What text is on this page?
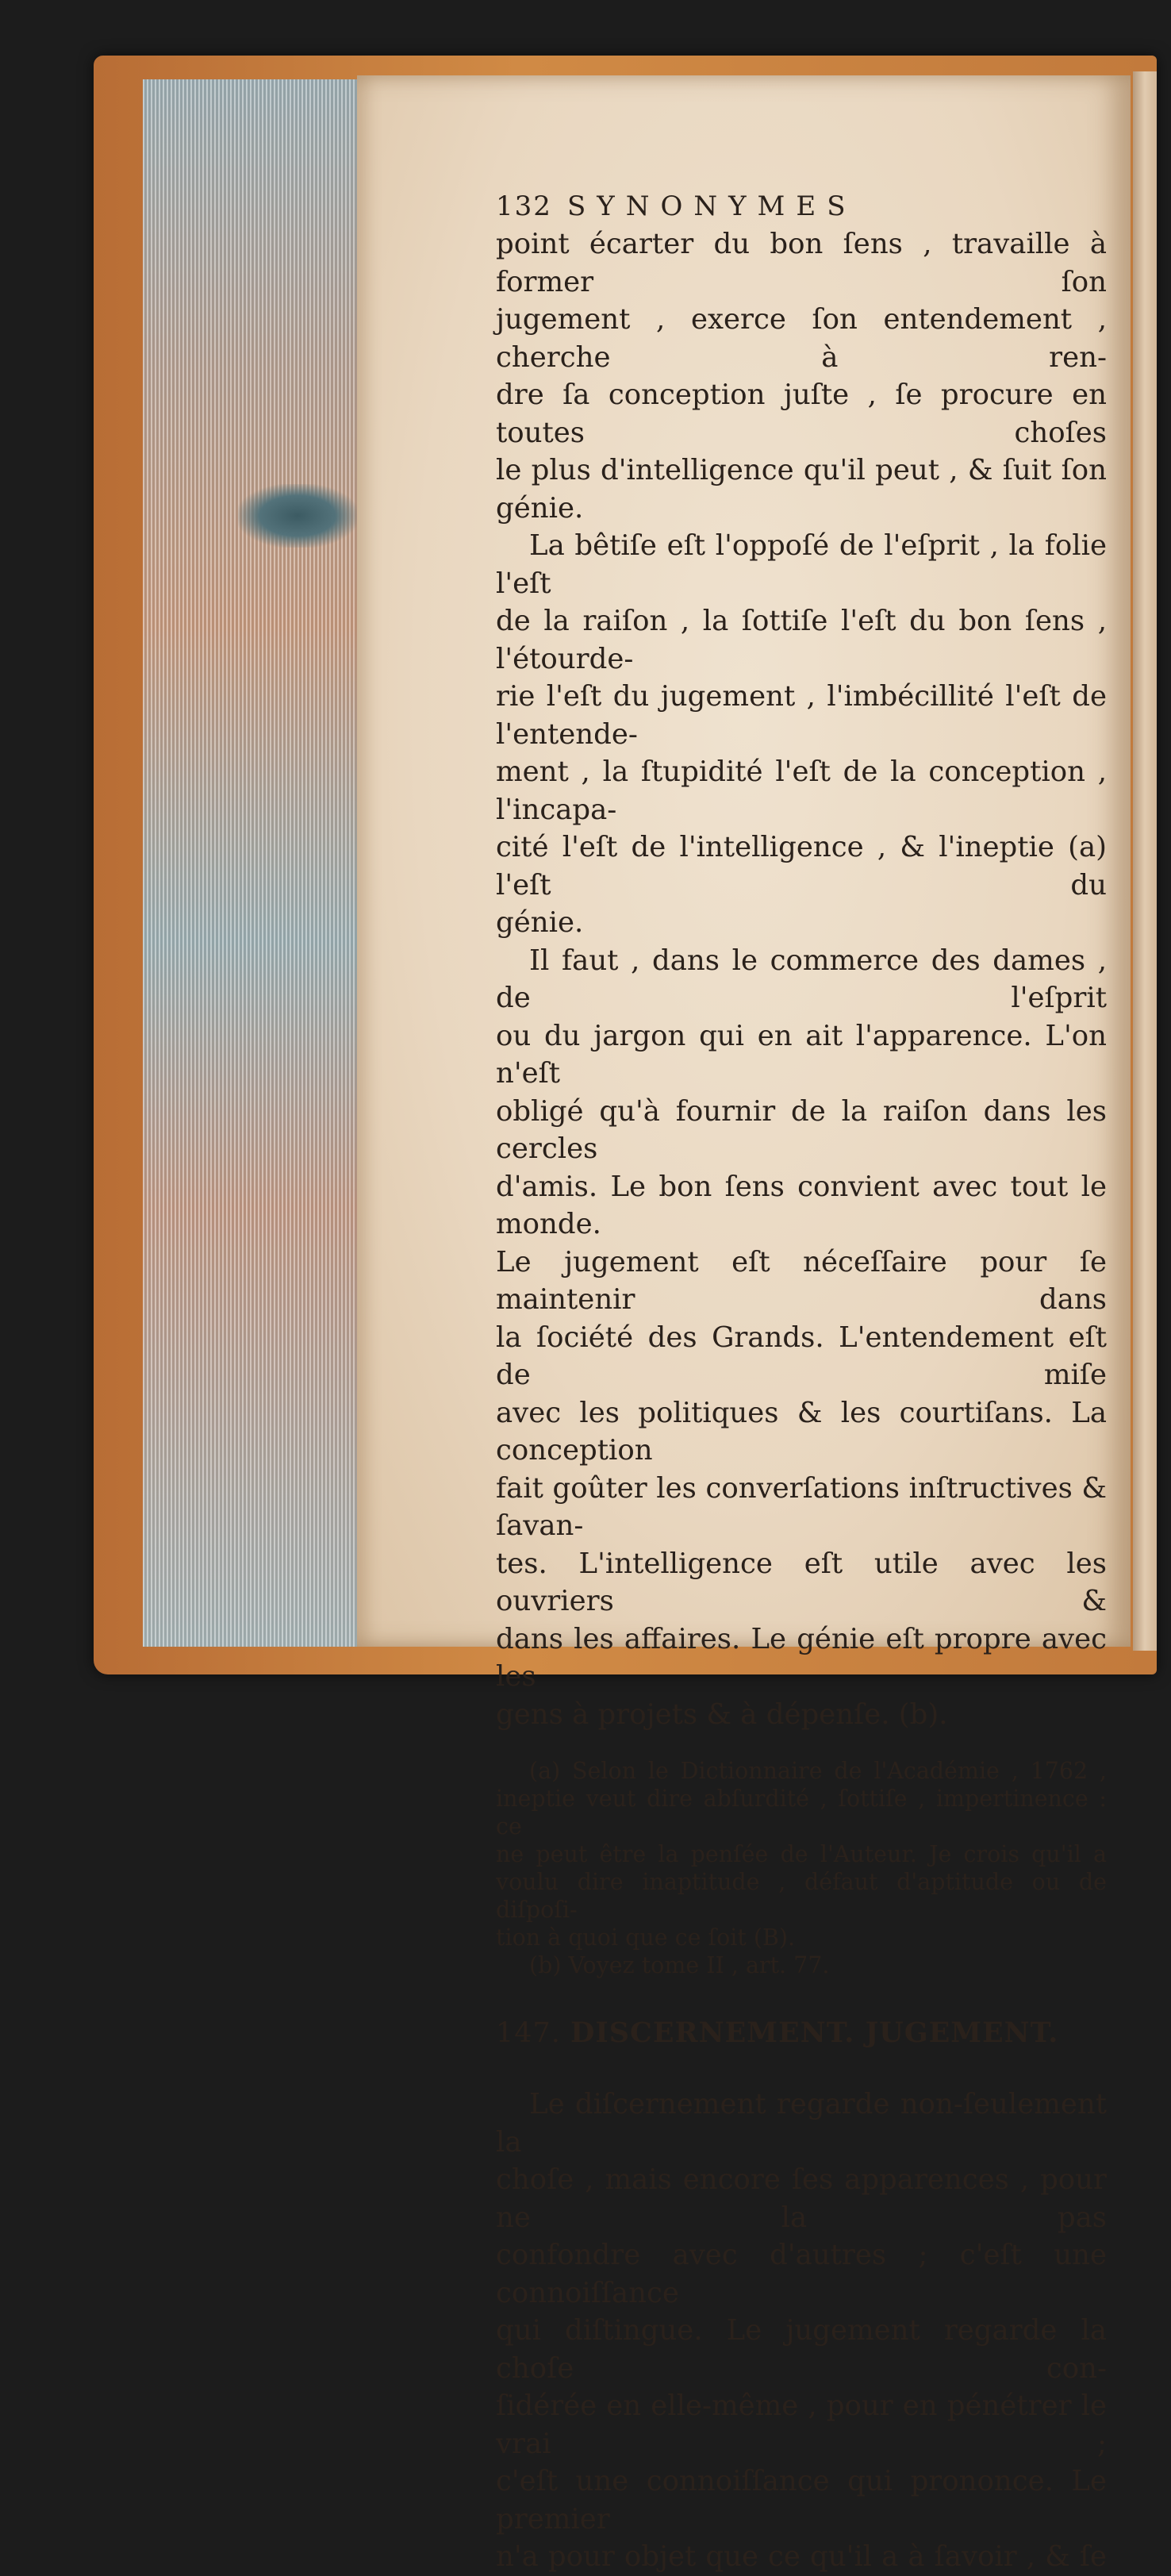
132 SYNONYMES

point écarter du bon ſens , travaille à former ſon

jugement , exerce ſon entendement , cherche à ren-

dre ſa conception juſte , ſe procure en toutes choſes

le plus d'intelligence qu'il peut , & ſuit ſon génie.

La bêtiſe eſt l'oppoſé de l'eſprit , la folie l'eſt

de la raiſon , la ſottiſe l'eſt du bon ſens , l'étourde-

rie l'eſt du jugement , l'imbécillité l'eſt de l'entende-

ment , la ſtupidité l'eſt de la conception , l'incapa-

cité l'eſt de l'intelligence , & l'ineptie (a) l'eſt du

génie.

Il faut , dans le commerce des dames , de l'eſprit

ou du jargon qui en ait l'apparence. L'on n'eſt

obligé qu'à fournir de la raiſon dans les cercles

d'amis. Le bon ſens convient avec tout le monde.

Le jugement eſt néceſſaire pour ſe maintenir dans

la ſociété des Grands. L'entendement eſt de miſe

avec les politiques & les courtiſans. La conception

fait goûter les converſations inſtructives & ſavan-

tes. L'intelligence eſt utile avec les ouvriers &

dans les affaires. Le génie eſt propre avec les

gens à projets & à dépenſe. (b).

(a) Selon le Dictionnaire de l'Académie , 1762 ,

ineptie veut dire abſurdité , ſottiſe , impertinence : ce

ne peut être la penſée de l'Auteur. Je crois qu'il a

voulu dire inaptitude , défaut d'aptitude ou de diſpoſi-

tion à quoi que ce ſoit (B).

(b) Voyez tome II , art. 77.

147. DISCERNEMENT. JUGEMENT.

Le diſcernement regarde non-ſeulement la

choſe , mais encore ſes apparences , pour ne la pas

confondre avec d'autres ; c'eſt une connoiſſance

qui diſtingue. Le jugement regarde la choſe con-

ſidérée en elle-même , pour en pénétrer le vrai ;

c'eſt une connoiſſance qui prononce. Le premier

n'a pour objet que ce qu'il a à ſavoir , & ſe
